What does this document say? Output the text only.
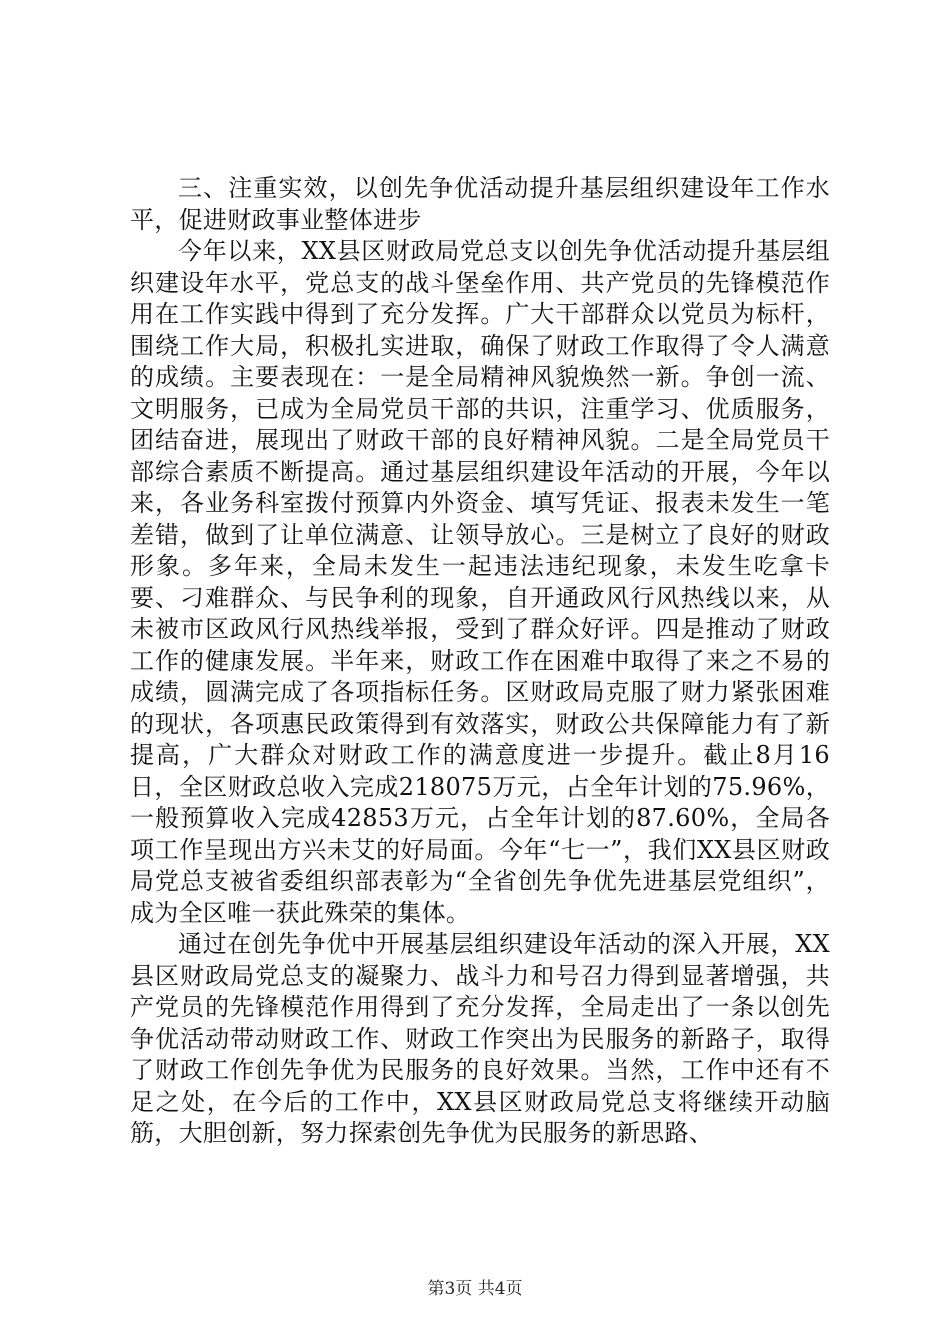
三、注重实效，以创先争优活动提升基层组织建设年工作水平，促进财政事业整体进步

今年以来，XX县区财政局党总支以创先争优活动提升基层组织建设年水平，党总支的战斗堡垒作用、共产党员的先锋模范作用在工作实践中得到了充分发挥。广大干部群众以党员为标杆，围绕工作大局，积极扎实进取，确保了财政工作取得了令人满意的成绩。主要表现在：一是全局精神风貌焕然一新。争创一流、文明服务，已成为全局党员干部的共识，注重学习、优质服务，团结奋进，展现出了财政干部的良好精神风貌。二是全局党员干部综合素质不断提高。通过基层组织建设年活动的开展，今年以来，各业务科室拨付预算内外资金、填写凭证、报表未发生一笔差错，做到了让单位满意、让领导放心。三是树立了良好的财政形象。多年来，全局未发生一起违法违纪现象，未发生吃拿卡要、刁难群众、与民争利的现象，自开通政风行风热线以来，从未被市区政风行风热线举报，受到了群众好评。四是推动了财政工作的健康发展。半年来，财政工作在困难中取得了来之不易的成绩，圆满完成了各项指标任务。区财政局克服了财力紧张困难的现状，各项惠民政策得到有效落实，财政公共保障能力有了新提高，广大群众对财政工作的满意度进一步提升。截止8月16日，全区财政总收入完成218075万元，占全年计划的75.96%，一般预算收入完成42853万元，占全年计划的87.60%，全局各项工作呈现出方兴未艾的好局面。今年“七一”，我们XX县区财政局党总支被省委组织部表彰为“全省创先争优先进基层党组织”，成为全区唯一获此殊荣的集体。

通过在创先争优中开展基层组织建设年活动的深入开展，XX县区财政局党总支的凝聚力、战斗力和号召力得到显著增强，共产党员的先锋模范作用得到了充分发挥，全局走出了一条以创先争优活动带动财政工作、财政工作突出为民服务的新路子，取得了财政工作创先争优为民服务的良好效果。当然，工作中还有不足之处，在今后的工作中，XX县区财政局党总支将继续开动脑筋，大胆创新，努力探索创先争优为民服务的新思路、

第3页 共4页
